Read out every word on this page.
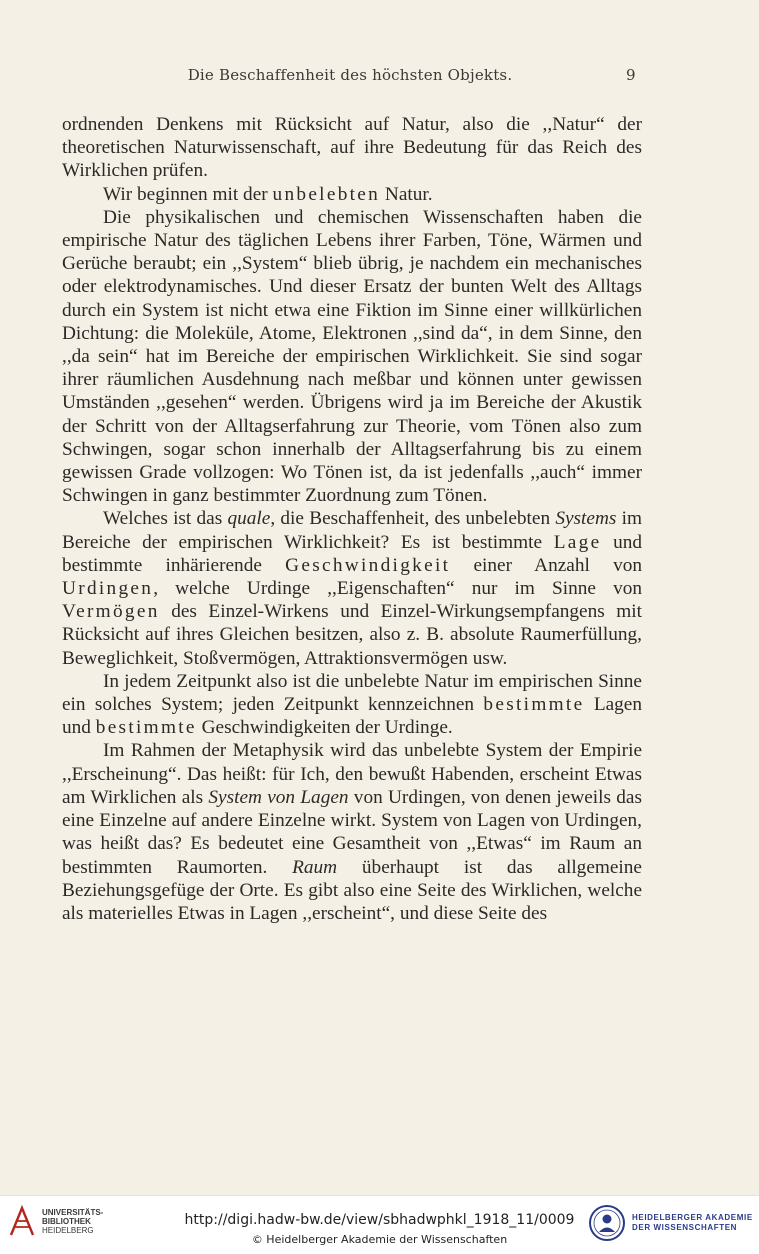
Die Beschaffenheit des höchsten Objekts.	9

ordnenden Denkens mit Rücksicht auf Natur, also die ,,Natur“ der theoretischen Naturwissenschaft, auf ihre Bedeutung für das Reich des Wirklichen prüfen.

Wir beginnen mit der unbelebten Natur.

Die physikalischen und chemischen Wissenschaften haben die empirische Natur des täglichen Lebens ihrer Farben, Töne, Wärmen und Gerüche beraubt; ein ,,System“ blieb übrig, je nachdem ein mechanisches oder elektrodynamisches. Und dieser Ersatz der bunten Welt des Alltags durch ein System ist nicht etwa eine Fiktion im Sinne einer willkürlichen Dichtung: die Moleküle, Atome, Elektronen ,,sind da“, in dem Sinne, den ,,da sein“ hat im Bereiche der empirischen Wirklichkeit. Sie sind sogar ihrer räumlichen Ausdehnung nach meßbar und können unter gewissen Umständen ,,gesehen“ werden. Übrigens wird ja im Bereiche der Akustik der Schritt von der Alltagserfahrung zur Theorie, vom Tönen also zum Schwingen, sogar schon innerhalb der Alltagserfahrung bis zu einem gewissen Grade vollzogen: Wo Tönen ist, da ist jedenfalls ,,auch“ immer Schwingen in ganz bestimmter Zuordnung zum Tönen.

Welches ist das quale, die Beschaffenheit, des unbelebten Systems im Bereiche der empirischen Wirklichkeit? Es ist bestimmte Lage und bestimmte inhärierende Geschwindigkeit einer Anzahl von Urdingen, welche Urdinge ,,Eigenschaften“ nur im Sinne von Vermögen des Einzel-Wirkens und Einzel-Wirkungsempfangens mit Rücksicht auf ihres Gleichen besitzen, also z. B. absolute Raumerfüllung, Beweglichkeit, Stoßvermögen, Attraktionsvermögen usw.

In jedem Zeitpunkt also ist die unbelebte Natur im empirischen Sinne ein solches System; jeden Zeitpunkt kennzeichnen bestimmte Lagen und bestimmte Geschwindigkeiten der Urdinge.

Im Rahmen der Metaphysik wird das unbelebte System der Empirie ,,Erscheinung“. Das heißt: für Ich, den bewußt Habenden, erscheint Etwas am Wirklichen als System von Lagen von Urdingen, von denen jeweils das eine Einzelne auf andere Einzelne wirkt. System von Lagen von Urdingen, was heißt das? Es bedeutet eine Gesamtheit von ,,Etwas“ im Raum an bestimmten Raumorten. Raum überhaupt ist das allgemeine Beziehungsgefüge der Orte. Es gibt also eine Seite des Wirklichen, welche als materielles Etwas in Lagen ,,erscheint“, und diese Seite des

UNIVERSITÄTS-
BIBLIOTHEK
HEIDELBERG
http://digi.hadw-bw.de/view/sbhadwphkl_1918_11/0009
© Heidelberger Akademie der Wissenschaften
HEIDELBERGER AKADEMIE
DER WISSENSCHAFTEN
